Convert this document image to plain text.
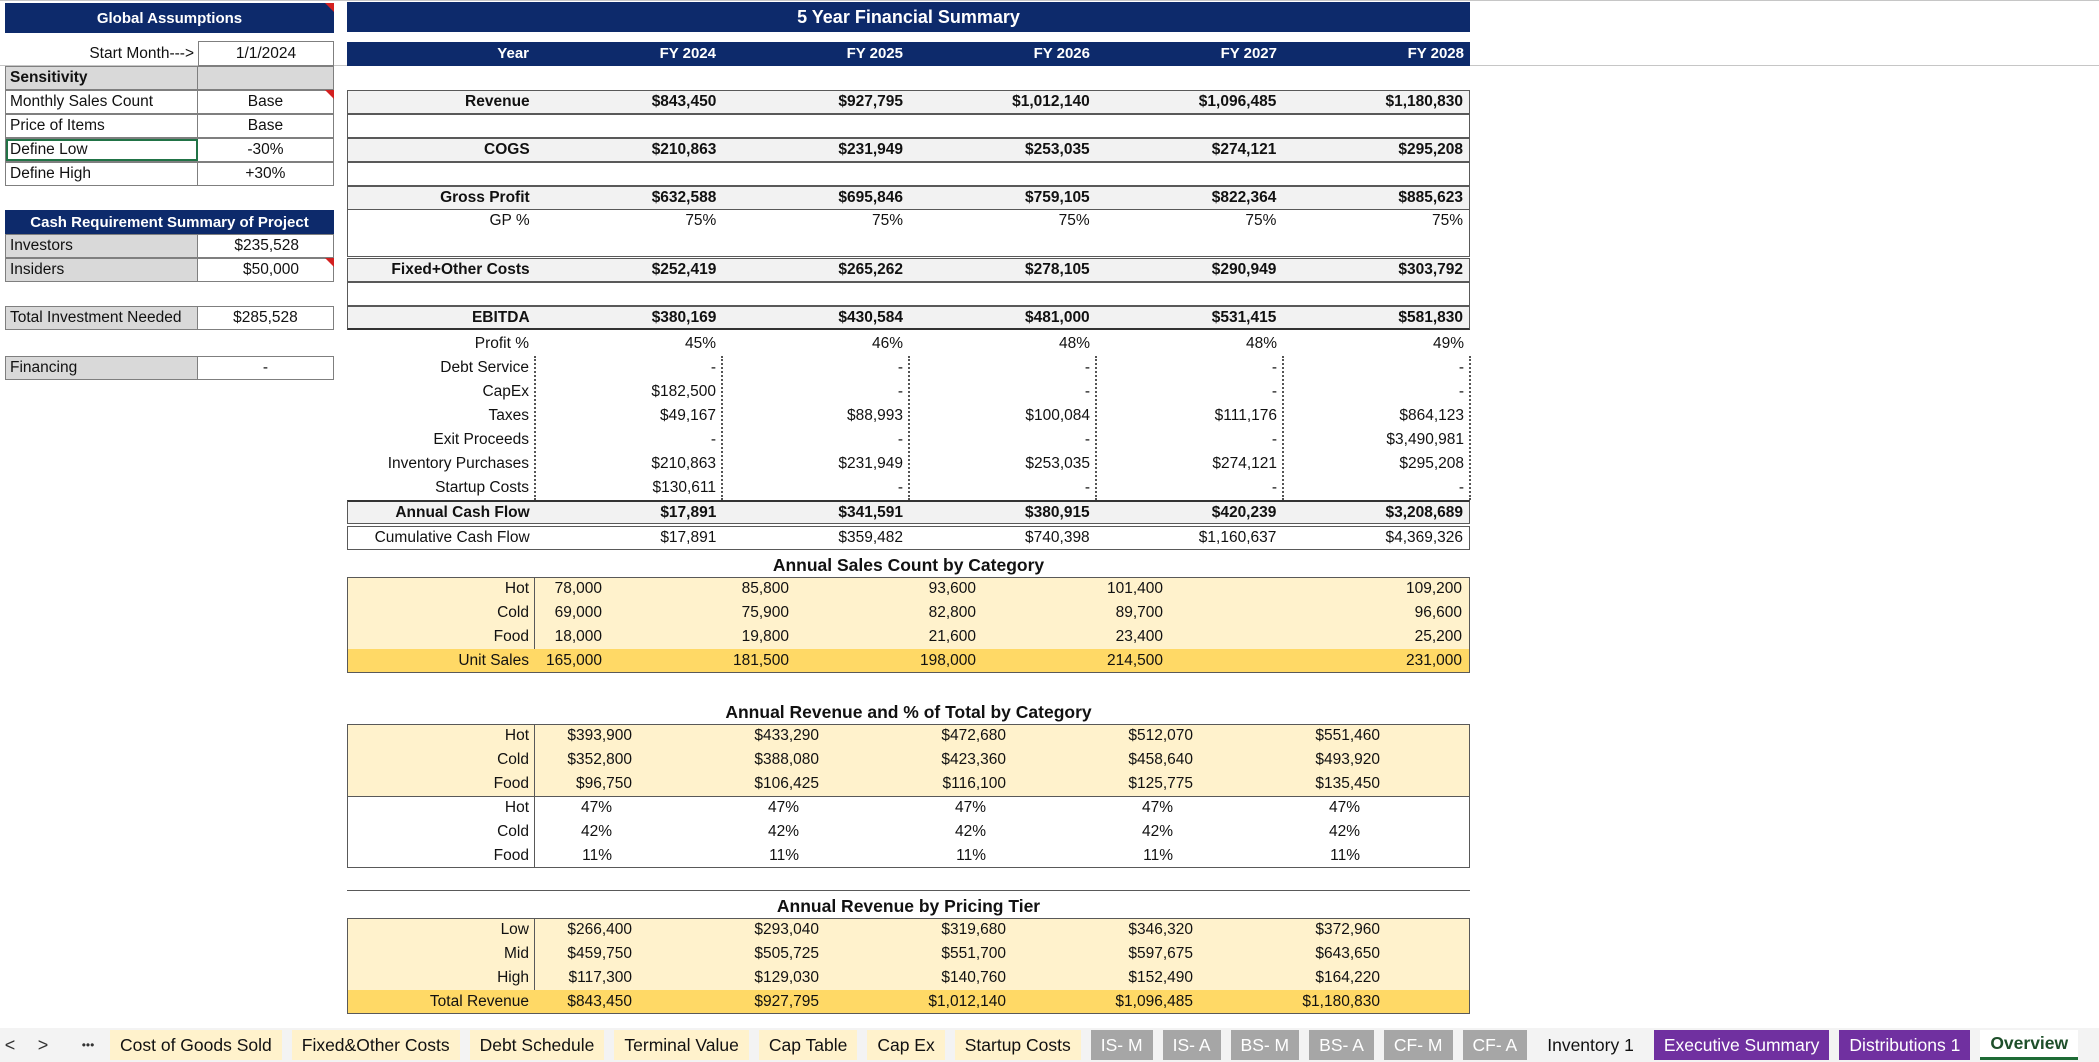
Global Assumptions
Start Month--->	1/1/2024
Sensitivity
Monthly Sales Count	Base
Price of Items	Base
Define Low	-30%
Define High	+30%
Cash Requirement Summary of Project
Investors	$235,528
Insiders	$50,000
Total Investment Needed	$285,528
Financing	-
5 Year Financial Summary
Year	FY 2024	FY 2025	FY 2026	FY 2027	FY 2028
Revenue	$843,450	$927,795	$1,012,140	$1,096,485	$1,180,830
COGS	$210,863	$231,949	$253,035	$274,121	$295,208
Gross Profit	$632,588	$695,846	$759,105	$822,364	$885,623
GP %	75%	75%	75%	75%	75%
Fixed+Other Costs	$252,419	$265,262	$278,105	$290,949	$303,792
EBITDA	$380,169	$430,584	$481,000	$531,415	$581,830
Profit %	45%	46%	48%	48%	49%
Debt Service	-	-	-	-	-
CapEx	$182,500	-	-	-	-
Taxes	$49,167	$88,993	$100,084	$111,176	$864,123
Exit Proceeds	-	-	-	-	$3,490,981
Inventory Purchases	$210,863	$231,949	$253,035	$274,121	$295,208
Startup Costs	$130,611	-	-	-	-
Annual Cash Flow	$17,891	$341,591	$380,915	$420,239	$3,208,689
Cumulative Cash Flow	$17,891	$359,482	$740,398	$1,160,637	$4,369,326
Annual Sales Count by Category
Hot	78,000	85,800	93,600	101,400	109,200
Cold	69,000	75,900	82,800	89,700	96,600
Food	18,000	19,800	21,600	23,400	25,200
Unit Sales	165,000	181,500	198,000	214,500	231,000
Annual Revenue and % of Total by Category
Hot	$393,900	$433,290	$472,680	$512,070	$551,460
Cold	$352,800	$388,080	$423,360	$458,640	$493,920
Food	$96,750	$106,425	$116,100	$125,775	$135,450
Hot	47%	47%	47%	47%	47%
Cold	42%	42%	42%	42%	42%
Food	11%	11%	11%	11%	11%
Annual Revenue by Pricing Tier
Low	$266,400	$293,040	$319,680	$346,320	$372,960
Mid	$459,750	$505,725	$551,700	$597,675	$643,650
High	$117,300	$129,030	$140,760	$152,490	$164,220
Total Revenue	$843,450	$927,795	$1,012,140	$1,096,485	$1,180,830
<	>	•••	Cost of Goods Sold	Fixed&Other Costs	Debt Schedule	Terminal Value	Cap Table	Cap Ex	Startup Costs	IS- M	IS- A	BS- M	BS- A	CF- M	CF- A	Inventory 1	Executive Summary	Distributions 1	Overview
